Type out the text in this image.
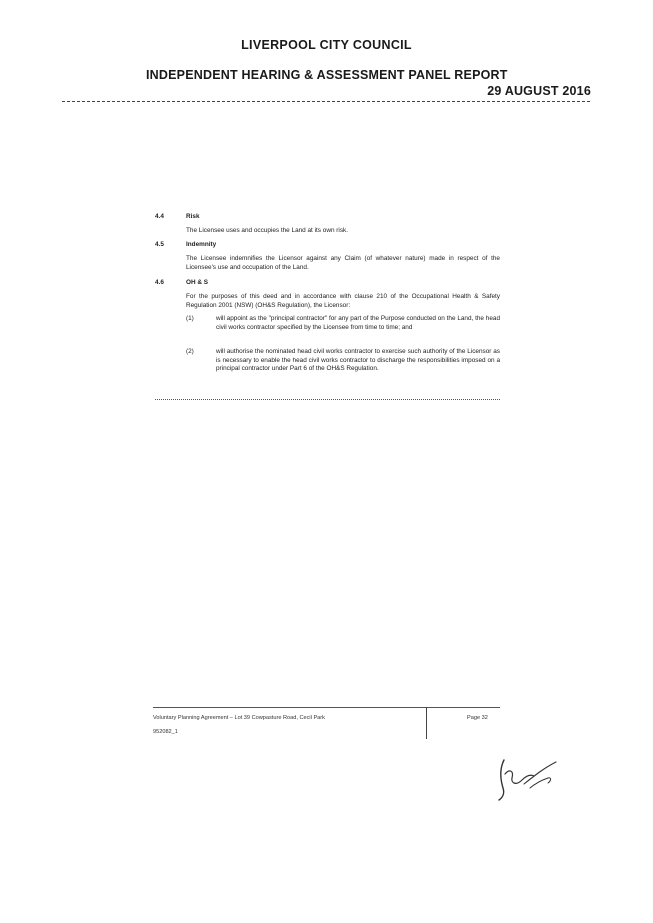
LIVERPOOL CITY COUNCIL
INDEPENDENT HEARING & ASSESSMENT PANEL REPORT
29 AUGUST 2016
4.4	Risk
The Licensee uses and occupies the Land at its own risk.
4.5	Indemnity
The Licensee indemnifies the Licensor against any Claim (of whatever nature) made in respect of the Licensee's use and occupation of the Land.
4.6	OH & S
For the purposes of this deed and in accordance with clause 210 of the Occupational Health & Safety Regulation 2001 (NSW) (OH&S Regulation), the Licensor:
(1)	will appoint as the "principal contractor" for any part of the Purpose conducted on the Land, the head civil works contractor specified by the Licensee from time to time; and
(2)	will authorise the nominated head civil works contractor to exercise such authority of the Licensor as is necessary to enable the head civil works contractor to discharge the responsibilities imposed on a principal contractor under Part 6 of the OH&S Regulation.
Voluntary Planning Agreement – Lot 39 Cowpasture Road, Cecil Park
952082_1
Page 32
